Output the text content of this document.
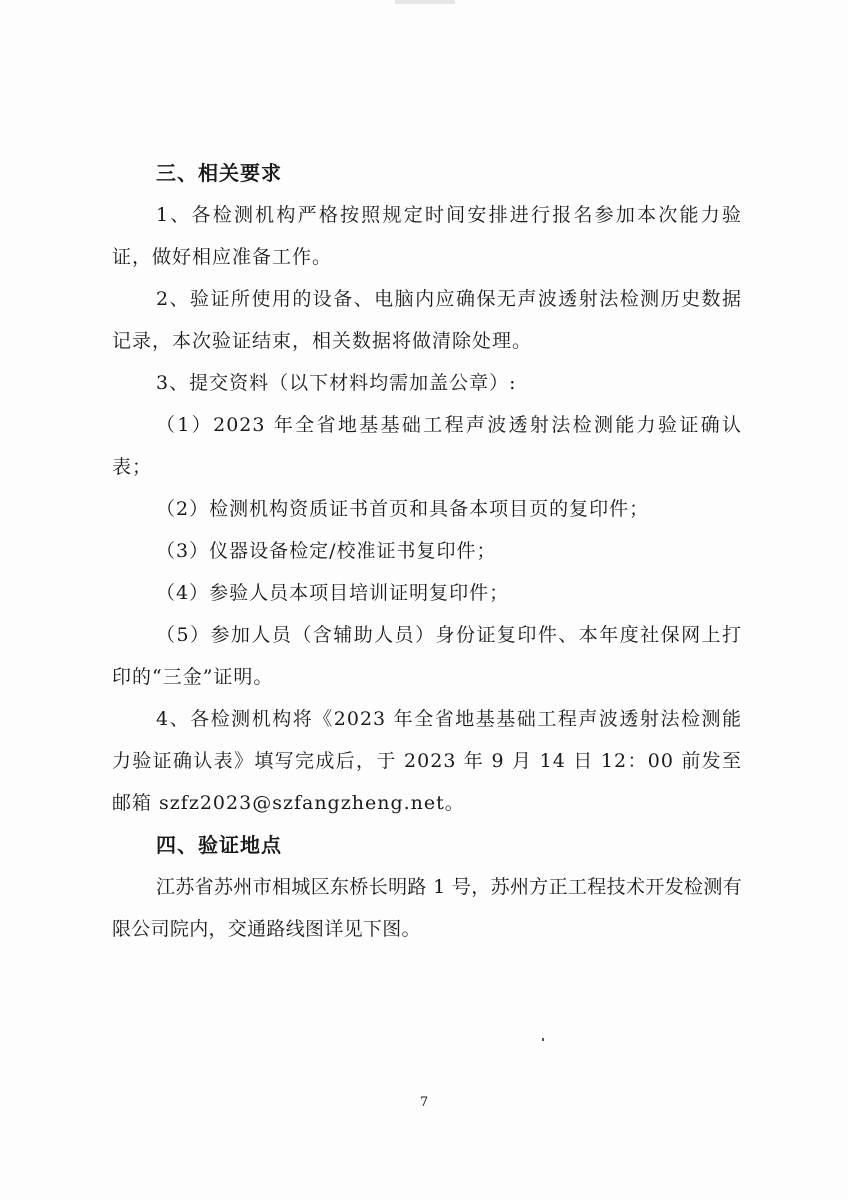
三、相关要求

1、各检测机构严格按照规定时间安排进行报名参加本次能力验证，做好相应准备工作。

2、验证所使用的设备、电脑内应确保无声波透射法检测历史数据记录，本次验证结束，相关数据将做清除处理。

3、提交资料（以下材料均需加盖公章）:

（1）2023 年全省地基基础工程声波透射法检测能力验证确认表；

（2）检测机构资质证书首页和具备本项目页的复印件；

（3）仪器设备检定/校准证书复印件；

（4）参验人员本项目培训证明复印件；

（5）参加人员（含辅助人员）身份证复印件、本年度社保网上打印的“三金”证明。

4、各检测机构将《2023 年全省地基基础工程声波透射法检测能力验证确认表》填写完成后，于 2023 年 9 月 14 日 12：00 前发至邮箱 szfz2023@szfangzheng.net。

四、验证地点

江苏省苏州市相城区东桥长明路 1 号，苏州方正工程技术开发检测有限公司院内，交通路线图详见下图。

7
